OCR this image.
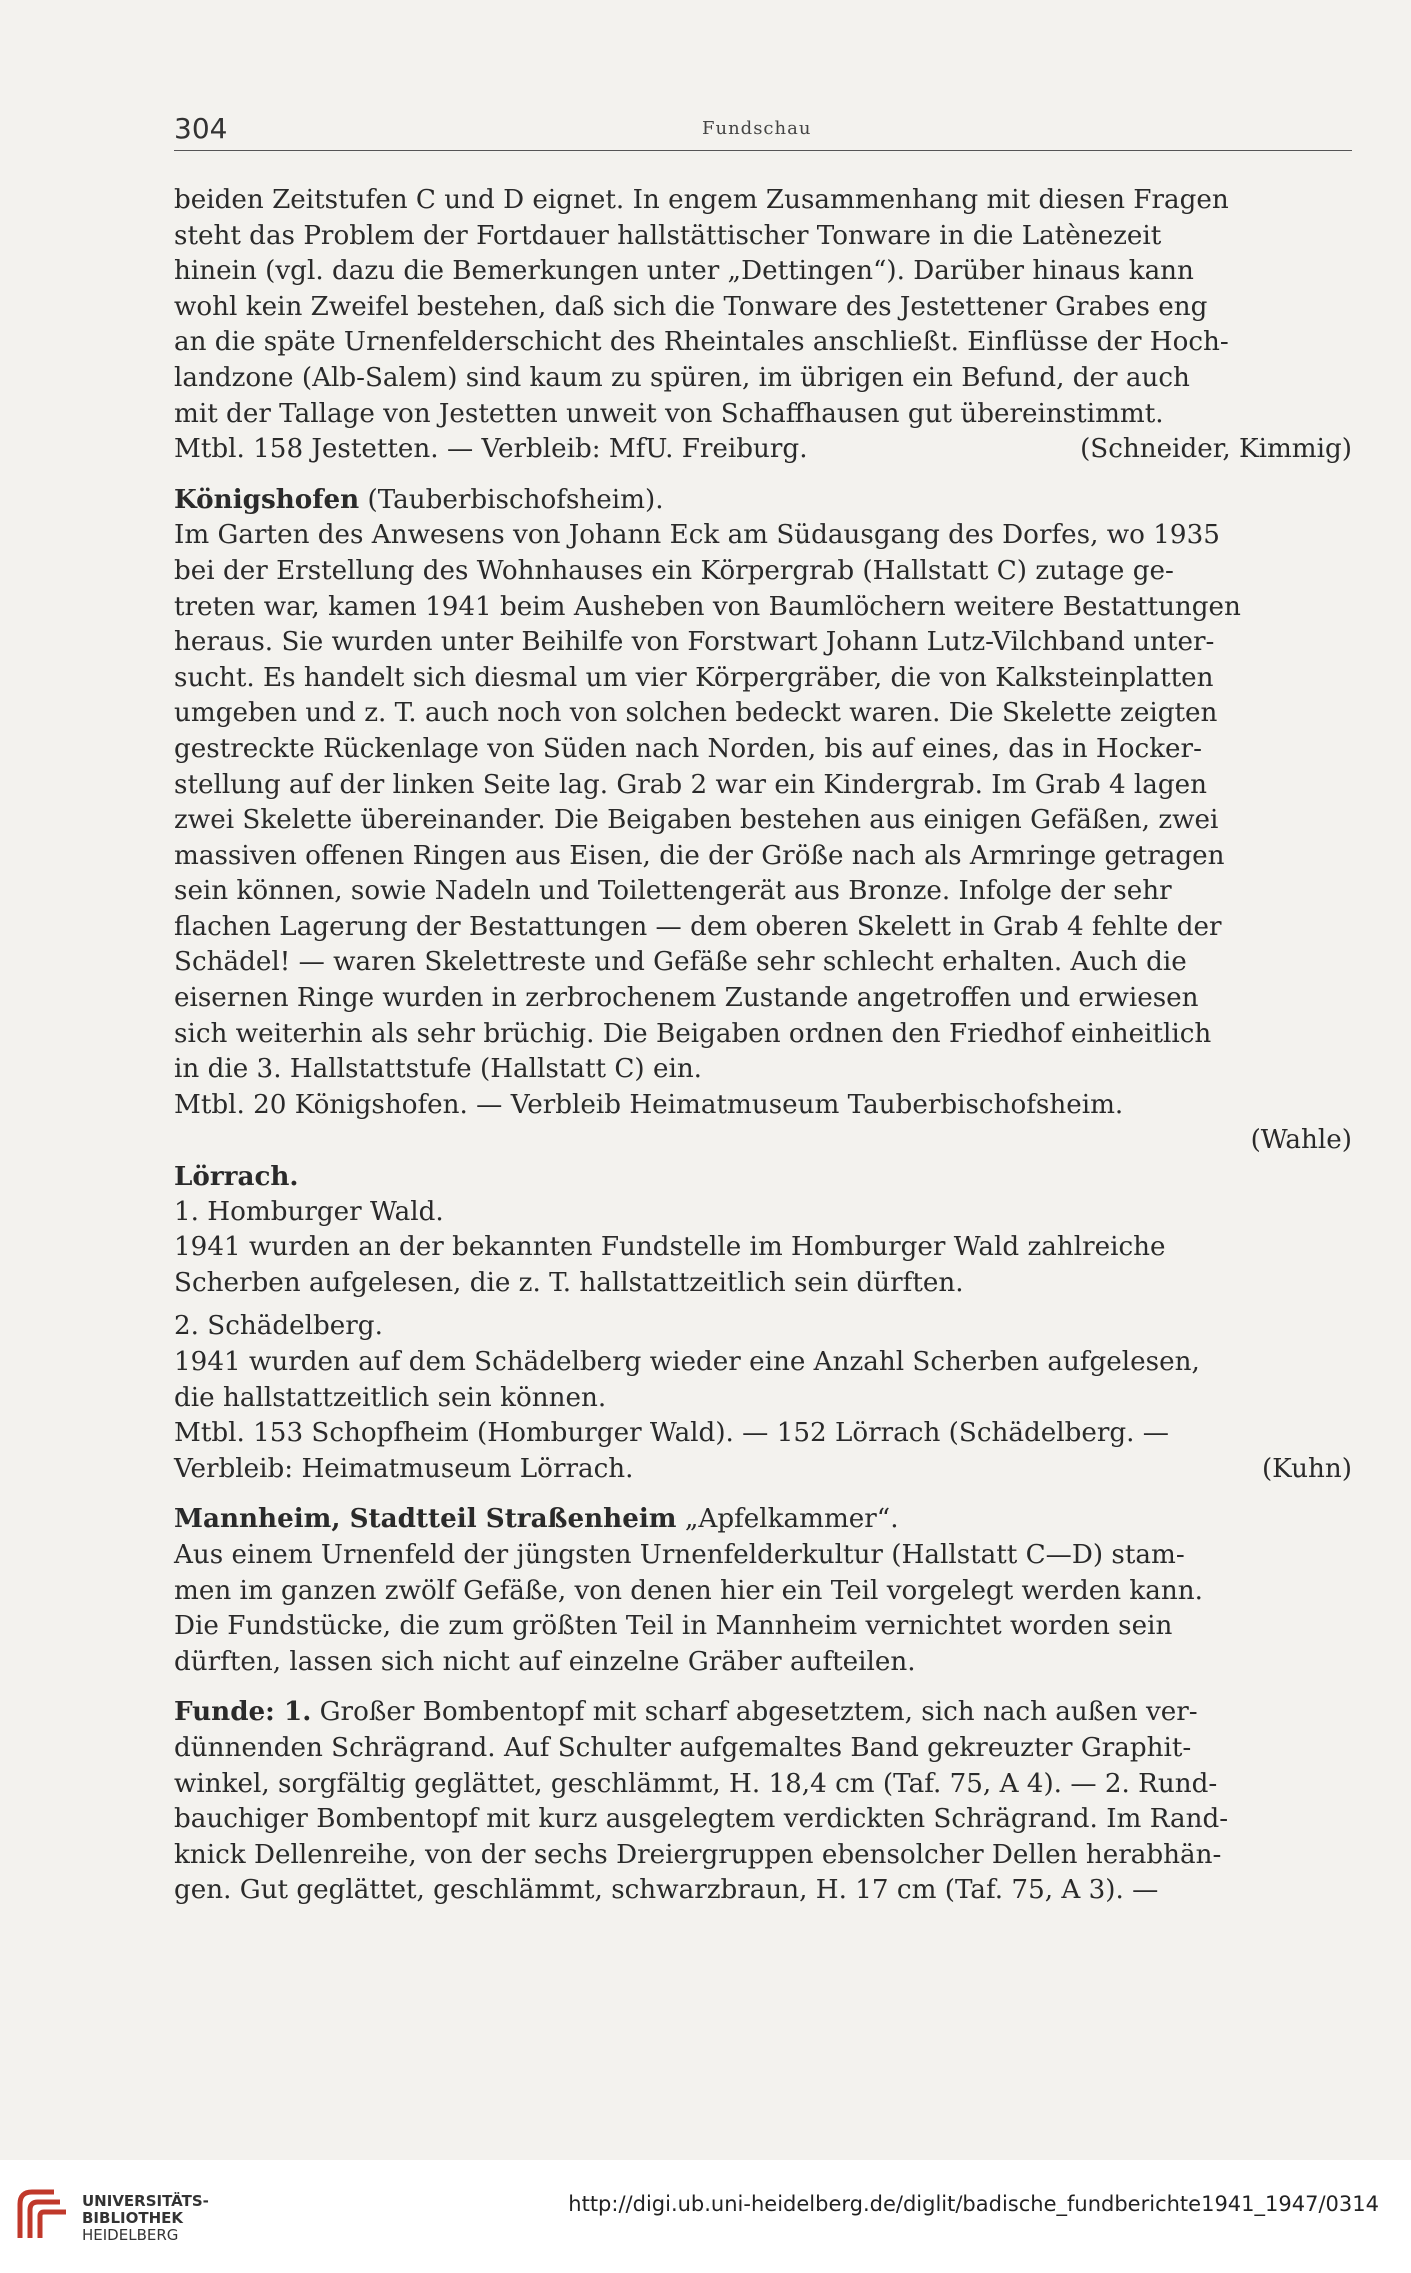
304	Fundschau

beiden Zeitstufen C und D eignet. In engem Zusammenhang mit diesen Fragen

steht das Problem der Fortdauer hallstättischer Tonware in die Latènezeit

hinein (vgl. dazu die Bemerkungen unter „Dettingen“). Darüber hinaus kann

wohl kein Zweifel bestehen, daß sich die Tonware des Jestettener Grabes eng

an die späte Urnenfelderschicht des Rheintales anschließt. Einflüsse der Hoch-

landzone (Alb-Salem) sind kaum zu spüren, im übrigen ein Befund, der auch

mit der Tallage von Jestetten unweit von Schaffhausen gut übereinstimmt.

Mtbl. 158 Jestetten. — Verbleib: MfU. Freiburg.	(Schneider, Kimmig)

Königshofen (Tauberbischofsheim).

Im Garten des Anwesens von Johann Eck am Südausgang des Dorfes, wo 1935

bei der Erstellung des Wohnhauses ein Körpergrab (Hallstatt C) zutage ge-

treten war, kamen 1941 beim Ausheben von Baumlöchern weitere Bestattungen

heraus. Sie wurden unter Beihilfe von Forstwart Johann Lutz-Vilchband unter-

sucht. Es handelt sich diesmal um vier Körpergräber, die von Kalksteinplatten

umgeben und z. T. auch noch von solchen bedeckt waren. Die Skelette zeigten

gestreckte Rückenlage von Süden nach Norden, bis auf eines, das in Hocker-

stellung auf der linken Seite lag. Grab 2 war ein Kindergrab. Im Grab 4 lagen

zwei Skelette übereinander. Die Beigaben bestehen aus einigen Gefäßen, zwei

massiven offenen Ringen aus Eisen, die der Größe nach als Armringe getragen

sein können, sowie Nadeln und Toilettengerät aus Bronze. Infolge der sehr

flachen Lagerung der Bestattungen — dem oberen Skelett in Grab 4 fehlte der

Schädel! — waren Skelettreste und Gefäße sehr schlecht erhalten. Auch die

eisernen Ringe wurden in zerbrochenem Zustande angetroffen und erwiesen

sich weiterhin als sehr brüchig. Die Beigaben ordnen den Friedhof einheitlich

in die 3. Hallstattstufe (Hallstatt C) ein.

Mtbl. 20 Königshofen. — Verbleib Heimatmuseum Tauberbischofsheim.

(Wahle)

Lörrach.

1. Homburger Wald.

1941 wurden an der bekannten Fundstelle im Homburger Wald zahlreiche

Scherben aufgelesen, die z. T. hallstattzeitlich sein dürften.

2. Schädelberg.

1941 wurden auf dem Schädelberg wieder eine Anzahl Scherben aufgelesen,

die hallstattzeitlich sein können.

Mtbl. 153 Schopfheim (Homburger Wald). — 152 Lörrach (Schädelberg. —

Verbleib: Heimatmuseum Lörrach.	(Kuhn)

Mannheim, Stadtteil Straßenheim „Apfelkammer“.

Aus einem Urnenfeld der jüngsten Urnenfelderkultur (Hallstatt C—D) stam-

men im ganzen zwölf Gefäße, von denen hier ein Teil vorgelegt werden kann.

Die Fundstücke, die zum größten Teil in Mannheim vernichtet worden sein

dürften, lassen sich nicht auf einzelne Gräber aufteilen.

Funde: 1. Großer Bombentopf mit scharf abgesetztem, sich nach außen ver-

dünnenden Schrägrand. Auf Schulter aufgemaltes Band gekreuzter Graphit-

winkel, sorgfältig geglättet, geschlämmt, H. 18,4 cm (Taf. 75, A 4). — 2. Rund-

bauchiger Bombentopf mit kurz ausgelegtem verdickten Schrägrand. Im Rand-

knick Dellenreihe, von der sechs Dreiergruppen ebensolcher Dellen herabhän-

gen. Gut geglättet, geschlämmt, schwarzbraun, H. 17 cm (Taf. 75, A 3). —

UNIVERSITÄTS-
BIBLIOTHEK
HEIDELBERG
http://digi.ub.uni-heidelberg.de/diglit/badische_fundberichte1941_1947/0314
